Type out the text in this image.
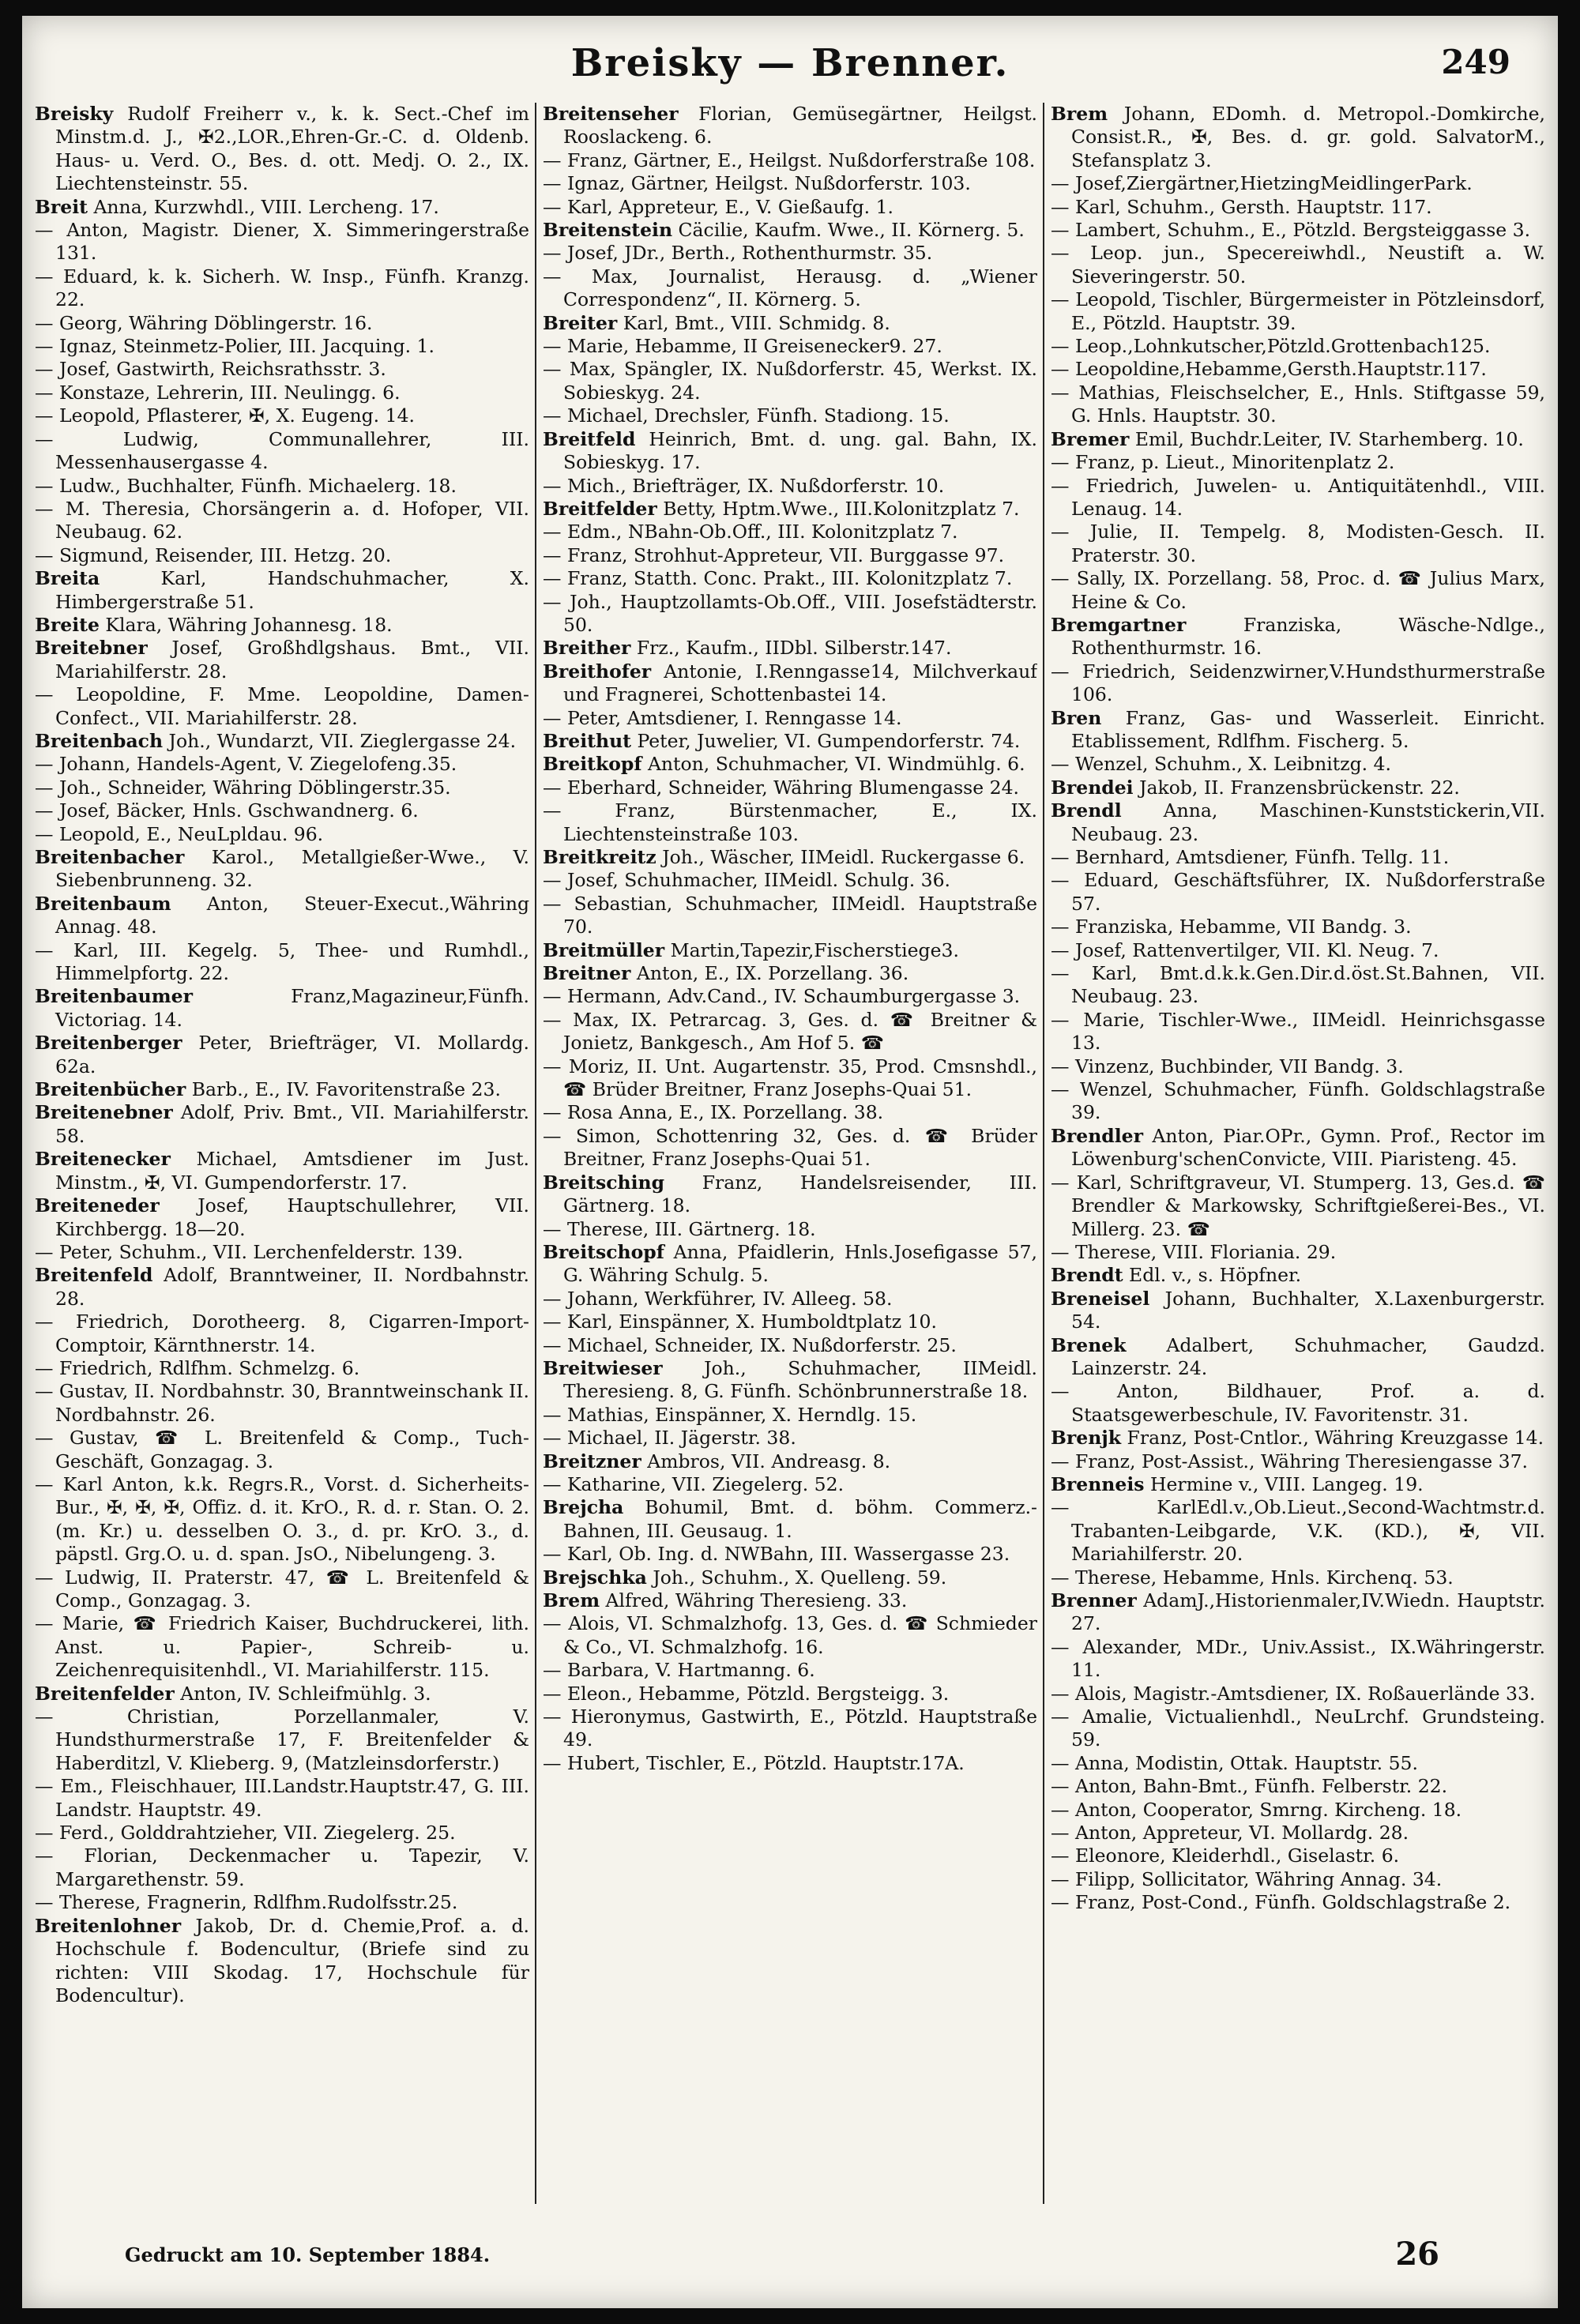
Breisky — Brenner.	249

Breisky Rudolf Freiherr v., k. k. Sect.-Chef im Minstm.d. J., ✠2.,LOR.,Ehren-Gr.-C. d. Oldenb. Haus- u. Verd. O., Bes. d. ott. Medj. O. 2., IX. Liechtensteinstr. 55.

Breit Anna, Kurzwhdl., VIII. Lercheng. 17.

— Anton, Magistr. Diener, X. Simmeringerstraße 131.

— Eduard, k. k. Sicherh. W. Insp., Fünfh. Kranzg. 22.

— Georg, Währing Döblingerstr. 16.

— Ignaz, Steinmetz-Polier, III. Jacquing. 1.

— Josef, Gastwirth, Reichsrathsstr. 3.

— Konstaze, Lehrerin, III. Neulingg. 6.

— Leopold, Pflasterer, ✠, X. Eugeng. 14.

— Ludwig, Communallehrer, III. Messenhausergasse 4.

— Ludw., Buchhalter, Fünfh. Michaelerg. 18.

— M. Theresia, Chorsängerin a. d. Hofoper, VII. Neubaug. 62.

— Sigmund, Reisender, III. Hetzg. 20.

Breita Karl, Handschuhmacher, X. Himbergerstraße 51.

Breite Klara, Währing Johannesg. 18.

Breitebner Josef, Großhdlgshaus. Bmt., VII. Mariahilferstr. 28.

— Leopoldine, F. Mme. Leopoldine, Damen-Confect., VII. Mariahilferstr. 28.

Breitenbach Joh., Wundarzt, VII. Zieglergasse 24.

— Johann, Handels-Agent, V. Ziegelofeng.35.

— Joh., Schneider, Währing Döblingerstr.35.

— Josef, Bäcker, Hnls. Gschwandnerg. 6.

— Leopold, E., NeuLpldau. 96.

Breitenbacher Karol., Metallgießer-Wwe., V. Siebenbrunneng. 32.

Breitenbaum Anton, Steuer-Execut.,Währing Annag. 48.

— Karl, III. Kegelg. 5, Thee- und Rumhdl., Himmelpfortg. 22.

Breitenbaumer Franz,Magazineur,Fünfh. Victoriag. 14.

Breitenberger Peter, Briefträger, VI. Mollardg. 62a.

Breitenbücher Barb., E., IV. Favoritenstraße 23.

Breitenebner Adolf, Priv. Bmt., VII. Mariahilferstr. 58.

Breitenecker Michael, Amtsdiener im Just. Minstm., ✠, VI. Gumpendorferstr. 17.

Breiteneder Josef, Hauptschullehrer, VII. Kirchbergg. 18—20.

— Peter, Schuhm., VII. Lerchenfelderstr. 139.

Breitenfeld Adolf, Branntweiner, II. Nordbahnstr. 28.

— Friedrich, Dorotheerg. 8, Cigarren-Import-Comptoir, Kärnthnerstr. 14.

— Friedrich, Rdlfhm. Schmelzg. 6.

— Gustav, II. Nordbahnstr. 30, Branntweinschank II. Nordbahnstr. 26.

— Gustav, ☎ L. Breitenfeld & Comp., Tuch-Geschäft, Gonzagag. 3.

— Karl Anton, k.k. Regrs.R., Vorst. d. Sicherheits-Bur., ✠, ✠, ✠, Offiz. d. it. KrO., R. d. r. Stan. O. 2. (m. Kr.) u. desselben O. 3., d. pr. KrO. 3., d. päpstl. Grg.O. u. d. span. JsO., Nibelungeng. 3.

— Ludwig, II. Praterstr. 47, ☎ L. Breitenfeld & Comp., Gonzagag. 3.

— Marie, ☎ Friedrich Kaiser, Buchdruckerei, lith. Anst. u. Papier-, Schreib- u. Zeichenrequisitenhdl., VI. Mariahilferstr. 115.

Breitenfelder Anton, IV. Schleifmühlg. 3.

— Christian, Porzellanmaler, V. Hundsthurmerstraße 17, F. Breitenfelder & Haberditzl, V. Klieberg. 9, (Matzleinsdorferstr.)

— Em., Fleischhauer, III.Landstr.Hauptstr.47, G. III. Landstr. Hauptstr. 49.

— Ferd., Golddrahtzieher, VII. Ziegelerg. 25.

— Florian, Deckenmacher u. Tapezir, V. Margarethenstr. 59.

— Therese, Fragnerin, Rdlfhm.Rudolfsstr.25.

Breitenlohner Jakob, Dr. d. Chemie,Prof. a. d. Hochschule f. Bodencultur, (Briefe sind zu richten: VIII Skodag. 17, Hochschule für Bodencultur).

Breitenseher Florian, Gemüsegärtner, Heilgst. Rooslackeng. 6.

— Franz, Gärtner, E., Heilgst. Nußdorferstraße 108.

— Ignaz, Gärtner, Heilgst. Nußdorferstr. 103.

— Karl, Appreteur, E., V. Gießaufg. 1.

Breitenstein Cäcilie, Kaufm. Wwe., II. Körnerg. 5.

— Josef, JDr., Berth., Rothenthurmstr. 35.

— Max, Journalist, Herausg. d. „Wiener Correspondenz“, II. Körnerg. 5.

Breiter Karl, Bmt., VIII. Schmidg. 8.

— Marie, Hebamme, II Greisenecker9. 27.

— Max, Spängler, IX. Nußdorferstr. 45, Werkst. IX. Sobieskyg. 24.

— Michael, Drechsler, Fünfh. Stadiong. 15.

Breitfeld Heinrich, Bmt. d. ung. gal. Bahn, IX. Sobieskyg. 17.

— Mich., Briefträger, IX. Nußdorferstr. 10.

Breitfelder Betty, Hptm.Wwe., III.Kolonitzplatz 7.

— Edm., NBahn-Ob.Off., III. Kolonitzplatz 7.

— Franz, Strohhut-Appreteur, VII. Burggasse 97.

— Franz, Statth. Conc. Prakt., III. Kolonitzplatz 7.

— Joh., Hauptzollamts-Ob.Off., VIII. Josefstädterstr. 50.

Breither Frz., Kaufm., IIDbl. Silberstr.147.

Breithofer Antonie, I.Renngasse14, Milchverkauf und Fragnerei, Schottenbastei 14.

— Peter, Amtsdiener, I. Renngasse 14.

Breithut Peter, Juwelier, VI. Gumpendorferstr. 74.

Breitkopf Anton, Schuhmacher, VI. Windmühlg. 6.

— Eberhard, Schneider, Währing Blumengasse 24.

— Franz, Bürstenmacher, E., IX. Liechtensteinstraße 103.

Breitkreitz Joh., Wäscher, IIMeidl. Ruckergasse 6.

— Josef, Schuhmacher, IIMeidl. Schulg. 36.

— Sebastian, Schuhmacher, IIMeidl. Hauptstraße 70.

Breitmüller Martin,Tapezir,Fischerstiege3.

Breitner Anton, E., IX. Porzellang. 36.

— Hermann, Adv.Cand., IV. Schaumburgergasse 3.

— Max, IX. Petrarcag. 3, Ges. d. ☎ Breitner & Jonietz, Bankgesch., Am Hof 5. ☎

— Moriz, II. Unt. Augartenstr. 35, Prod. Cmsnshdl., ☎ Brüder Breitner, Franz Josephs-Quai 51.

— Rosa Anna, E., IX. Porzellang. 38.

— Simon, Schottenring 32, Ges. d. ☎ Brüder Breitner, Franz Josephs-Quai 51.

Breitsching Franz, Handelsreisender, III. Gärtnerg. 18.

— Therese, III. Gärtnerg. 18.

Breitschopf Anna, Pfaidlerin, Hnls.Josefigasse 57, G. Währing Schulg. 5.

— Johann, Werkführer, IV. Alleeg. 58.

— Karl, Einspänner, X. Humboldtplatz 10.

— Michael, Schneider, IX. Nußdorferstr. 25.

Breitwieser Joh., Schuhmacher, IIMeidl. Theresieng. 8, G. Fünfh. Schönbrunnerstraße 18.

— Mathias, Einspänner, X. Herndlg. 15.

— Michael, II. Jägerstr. 38.

Breitzner Ambros, VII. Andreasg. 8.

— Katharine, VII. Ziegelerg. 52.

Brejcha Bohumil, Bmt. d. böhm. Commerz.-Bahnen, III. Geusaug. 1.

— Karl, Ob. Ing. d. NWBahn, III. Wassergasse 23.

Brejschka Joh., Schuhm., X. Quelleng. 59.

Brem Alfred, Währing Theresieng. 33.

— Alois, VI. Schmalzhofg. 13, Ges. d. ☎ Schmieder & Co., VI. Schmalzhofg. 16.

— Barbara, V. Hartmanng. 6.

— Eleon., Hebamme, Pötzld. Bergsteigg. 3.

— Hieronymus, Gastwirth, E., Pötzld. Hauptstraße 49.

— Hubert, Tischler, E., Pötzld. Hauptstr.17A.

Brem Johann, EDomh. d. Metropol.-Domkirche, Consist.R., ✠, Bes. d. gr. gold. SalvatorM., Stefansplatz 3.

— Josef,Ziergärtner,HietzingMeidlingerPark.

— Karl, Schuhm., Gersth. Hauptstr. 117.

— Lambert, Schuhm., E., Pötzld. Bergsteiggasse 3.

— Leop. jun., Specereiwhdl., Neustift a. W. Sieveringerstr. 50.

— Leopold, Tischler, Bürgermeister in Pötzleinsdorf, E., Pötzld. Hauptstr. 39.

— Leop.,Lohnkutscher,Pötzld.Grottenbach125.

— Leopoldine,Hebamme,Gersth.Hauptstr.117.

— Mathias, Fleischselcher, E., Hnls. Stiftgasse 59, G. Hnls. Hauptstr. 30.

Bremer Emil, Buchdr.Leiter, IV. Starhemberg. 10.

— Franz, p. Lieut., Minoritenplatz 2.

— Friedrich, Juwelen- u. Antiquitätenhdl., VIII. Lenaug. 14.

— Julie, II. Tempelg. 8, Modisten-Gesch. II. Praterstr. 30.

— Sally, IX. Porzellang. 58, Proc. d. ☎ Julius Marx, Heine & Co.

Bremgartner Franziska, Wäsche-Ndlge., Rothenthurmstr. 16.

— Friedrich, Seidenzwirner,V.Hundsthurmerstraße 106.

Bren Franz, Gas- und Wasserleit. Einricht. Etablissement, Rdlfhm. Fischerg. 5.

— Wenzel, Schuhm., X. Leibnitzg. 4.

Brendei Jakob, II. Franzensbrückenstr. 22.

Brendl Anna, Maschinen-Kunststickerin,VII. Neubaug. 23.

— Bernhard, Amtsdiener, Fünfh. Tellg. 11.

— Eduard, Geschäftsführer, IX. Nußdorferstraße 57.

— Franziska, Hebamme, VII Bandg. 3.

— Josef, Rattenvertilger, VII. Kl. Neug. 7.

— Karl, Bmt.d.k.k.Gen.Dir.d.öst.St.Bahnen, VII. Neubaug. 23.

— Marie, Tischler-Wwe., IIMeidl. Heinrichsgasse 13.

— Vinzenz, Buchbinder, VII Bandg. 3.

— Wenzel, Schuhmacher, Fünfh. Goldschlagstraße 39.

Brendler Anton, Piar.OPr., Gymn. Prof., Rector im Löwenburg'schenConvicte, VIII. Piaristeng. 45.

— Karl, Schriftgraveur, VI. Stumperg. 13, Ges.d. ☎ Brendler & Markowsky, Schriftgießerei-Bes., VI. Millerg. 23. ☎

— Therese, VIII. Floriania. 29.

Brendt Edl. v., s. Höpfner.

Breneisel Johann, Buchhalter, X.Laxenburgerstr. 54.

Brenek Adalbert, Schuhmacher, Gaudzd. Lainzerstr. 24.

— Anton, Bildhauer, Prof. a. d. Staatsgewerbeschule, IV. Favoritenstr. 31.

Brenjk Franz, Post-Cntlor., Währing Kreuzgasse 14.

— Franz, Post-Assist., Währing Theresiengasse 37.

Brenneis Hermine v., VIII. Langeg. 19.

— KarlEdl.v.,Ob.Lieut.,Second-Wachtmstr.d. Trabanten-Leibgarde, V.K. (KD.), ✠, VII. Mariahilferstr. 20.

— Therese, Hebamme, Hnls. Kirchenq. 53.

Brenner AdamJ.,Historienmaler,IV.Wiedn. Hauptstr. 27.

— Alexander, MDr., Univ.Assist., IX.Währingerstr. 11.

— Alois, Magistr.-Amtsdiener, IX. Roßauerlände 33.

— Amalie, Victualienhdl., NeuLrchf. Grundsteing. 59.

— Anna, Modistin, Ottak. Hauptstr. 55.

— Anton, Bahn-Bmt., Fünfh. Felberstr. 22.

— Anton, Cooperator, Smrng. Kircheng. 18.

— Anton, Appreteur, VI. Mollardg. 28.

— Eleonore, Kleiderhdl., Giselastr. 6.

— Filipp, Sollicitator, Währing Annag. 34.

— Franz, Post-Cond., Fünfh. Goldschlagstraße 2.

Gedruckt am 10. September 1884.	26
